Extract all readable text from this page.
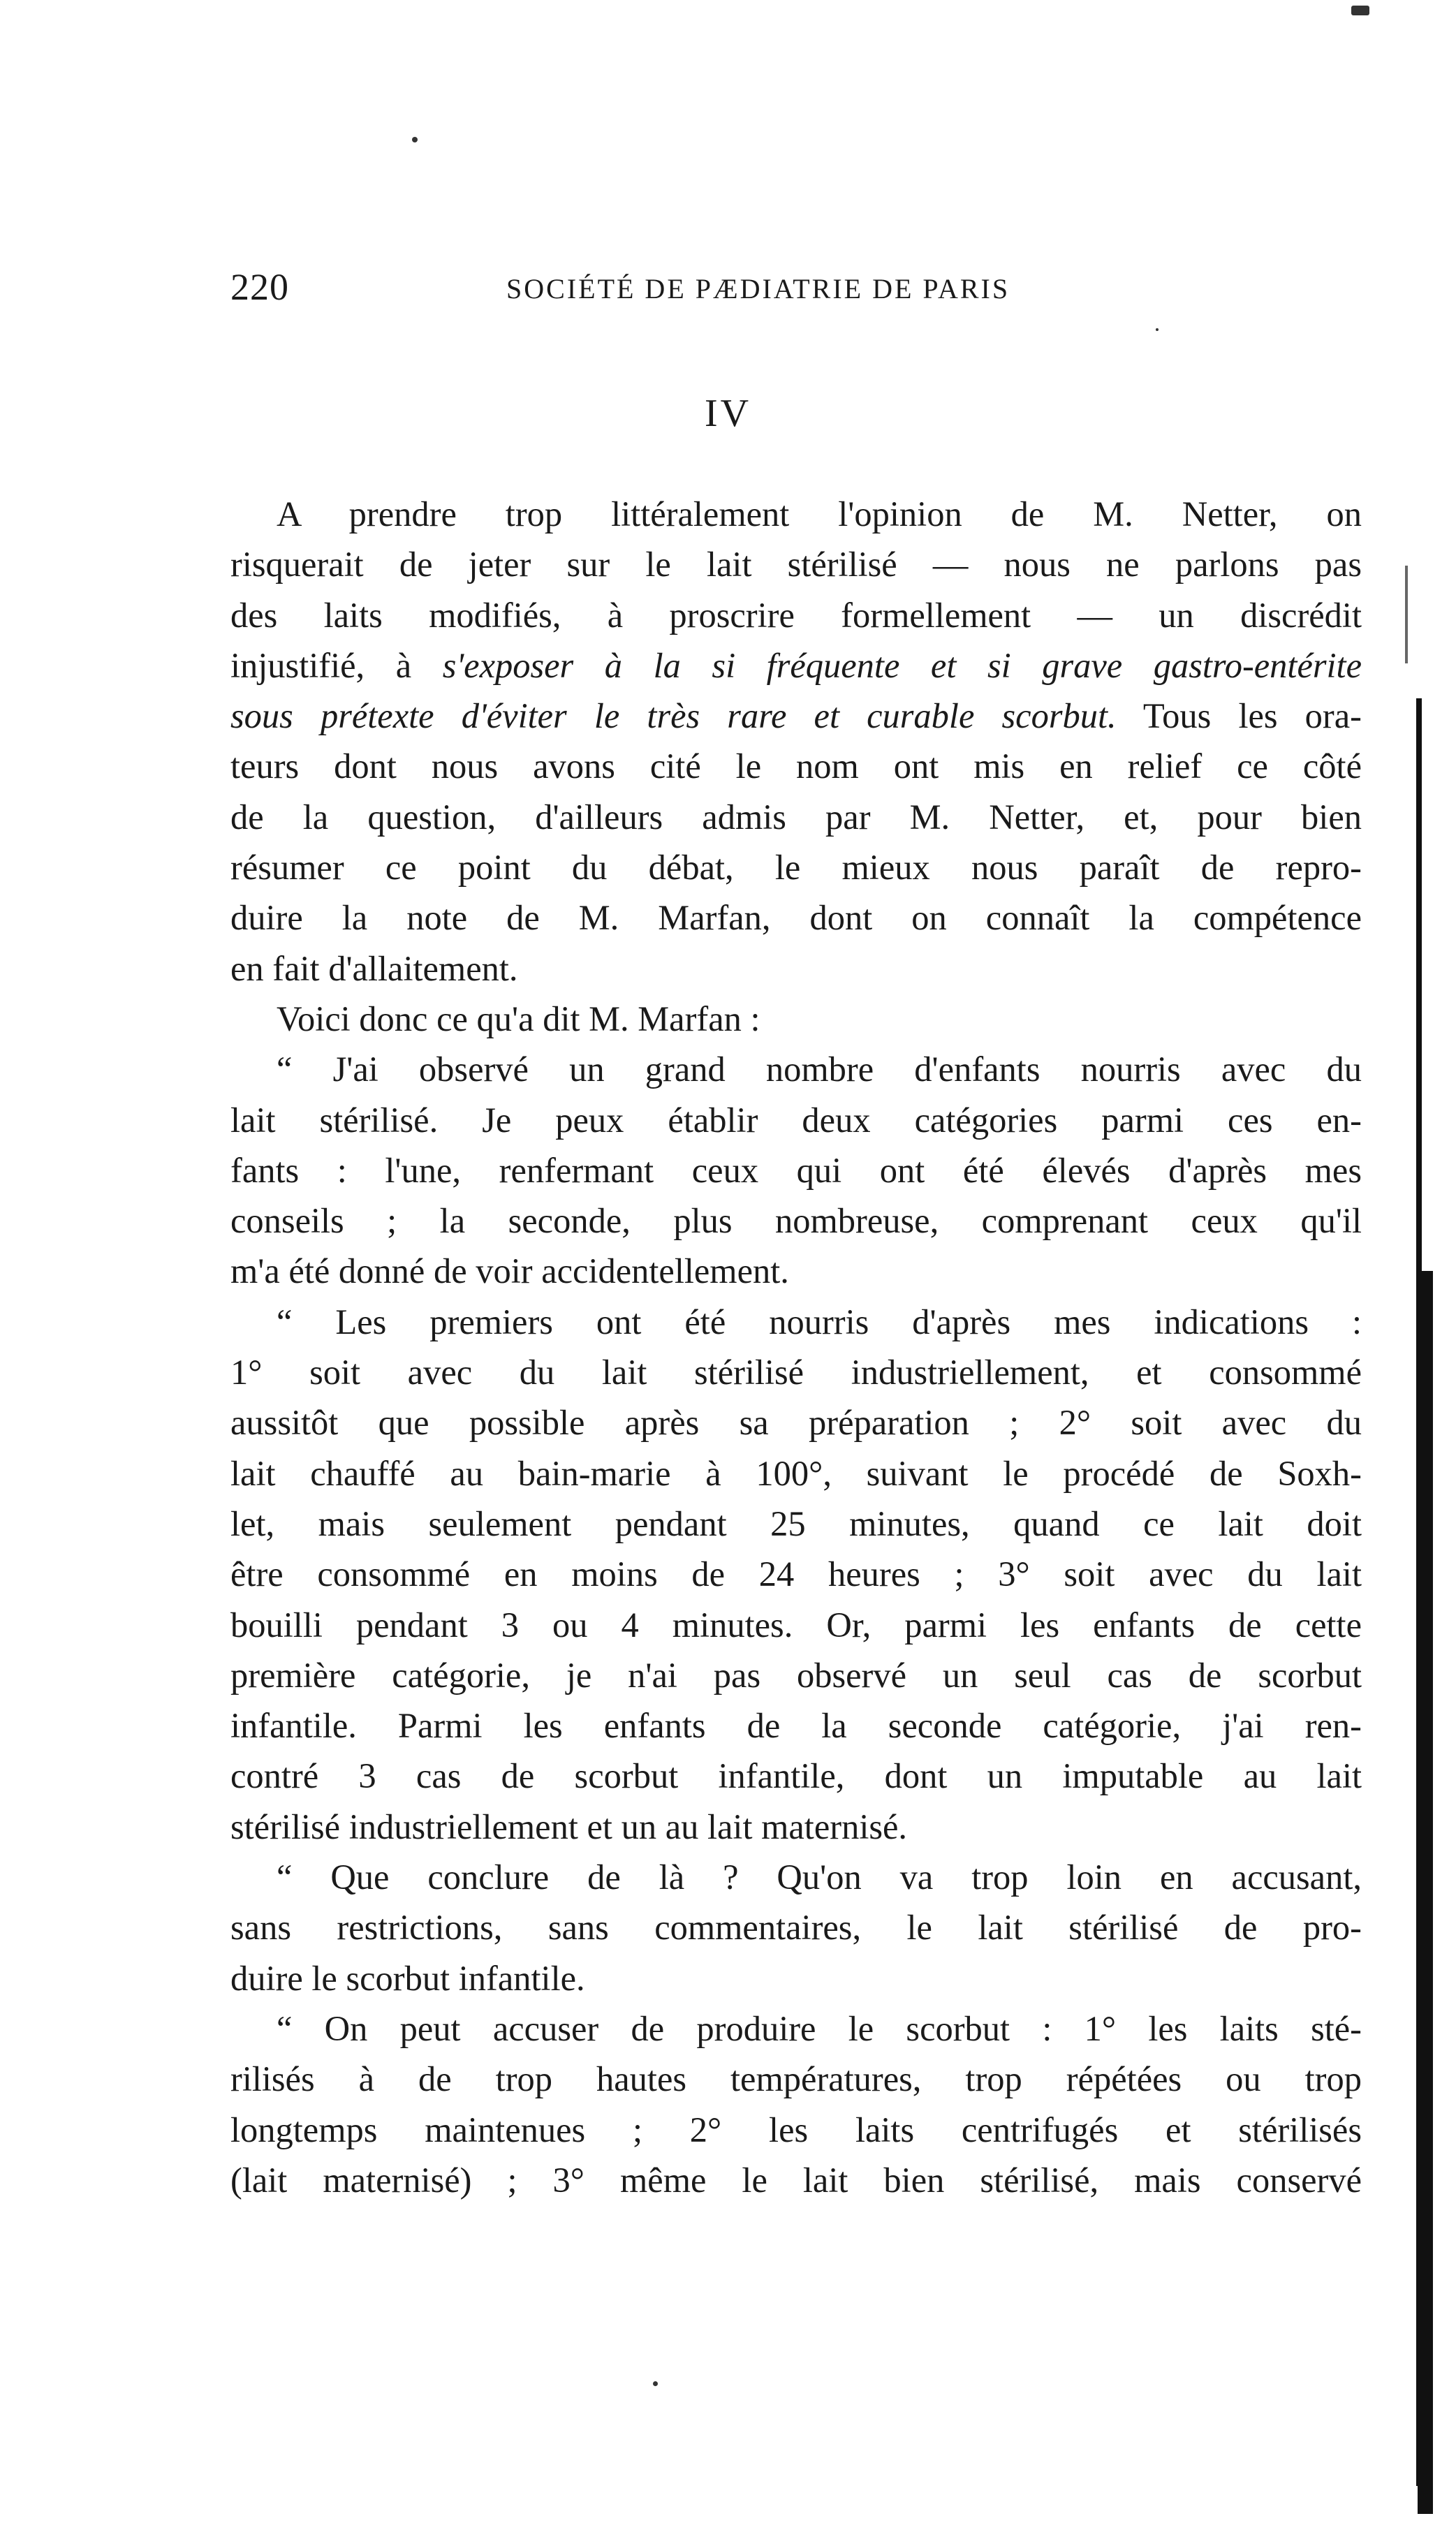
220	SOCIÉTÉ DE PÆDIATRIE DE PARIS
IV

A prendre trop littéralement l'opinion de M. Netter, on
risquerait de jeter sur le lait stérilisé — nous ne parlons pas
des laits modifiés, à proscrire formellement — un discrédit
injustifié, à s'exposer à la si fréquente et si grave gastro-entérite
sous prétexte d'éviter le très rare et curable scorbut. Tous les ora-
teurs dont nous avons cité le nom ont mis en relief ce côté
de la question, d'ailleurs admis par M. Netter, et, pour bien
résumer ce point du débat, le mieux nous paraît de repro-
duire la note de M. Marfan, dont on connaît la compétence
en fait d'allaitement.

Voici donc ce qu'a dit M. Marfan :

“ J'ai observé un grand nombre d'enfants nourris avec du
lait stérilisé. Je peux établir deux catégories parmi ces en-
fants : l'une, renfermant ceux qui ont été élevés d'après mes
conseils ; la seconde, plus nombreuse, comprenant ceux qu'il
m'a été donné de voir accidentellement.

“ Les premiers ont été nourris d'après mes indications :
1° soit avec du lait stérilisé industriellement, et consommé
aussitôt que possible après sa préparation ; 2° soit avec du
lait chauffé au bain-marie à 100°, suivant le procédé de Soxh-
let, mais seulement pendant 25 minutes, quand ce lait doit
être consommé en moins de 24 heures ; 3° soit avec du lait
bouilli pendant 3 ou 4 minutes. Or, parmi les enfants de cette
première catégorie, je n'ai pas observé un seul cas de scorbut
infantile. Parmi les enfants de la seconde catégorie, j'ai ren-
contré 3 cas de scorbut infantile, dont un imputable au lait
stérilisé industriellement et un au lait maternisé.

“ Que conclure de là ? Qu'on va trop loin en accusant,
sans restrictions, sans commentaires, le lait stérilisé de pro-
duire le scorbut infantile.

“ On peut accuser de produire le scorbut : 1° les laits sté-
rilisés à de trop hautes températures, trop répétées ou trop
longtemps maintenues ; 2° les laits centrifugés et stérilisés
(lait maternisé) ; 3° même le lait bien stérilisé, mais conservé
